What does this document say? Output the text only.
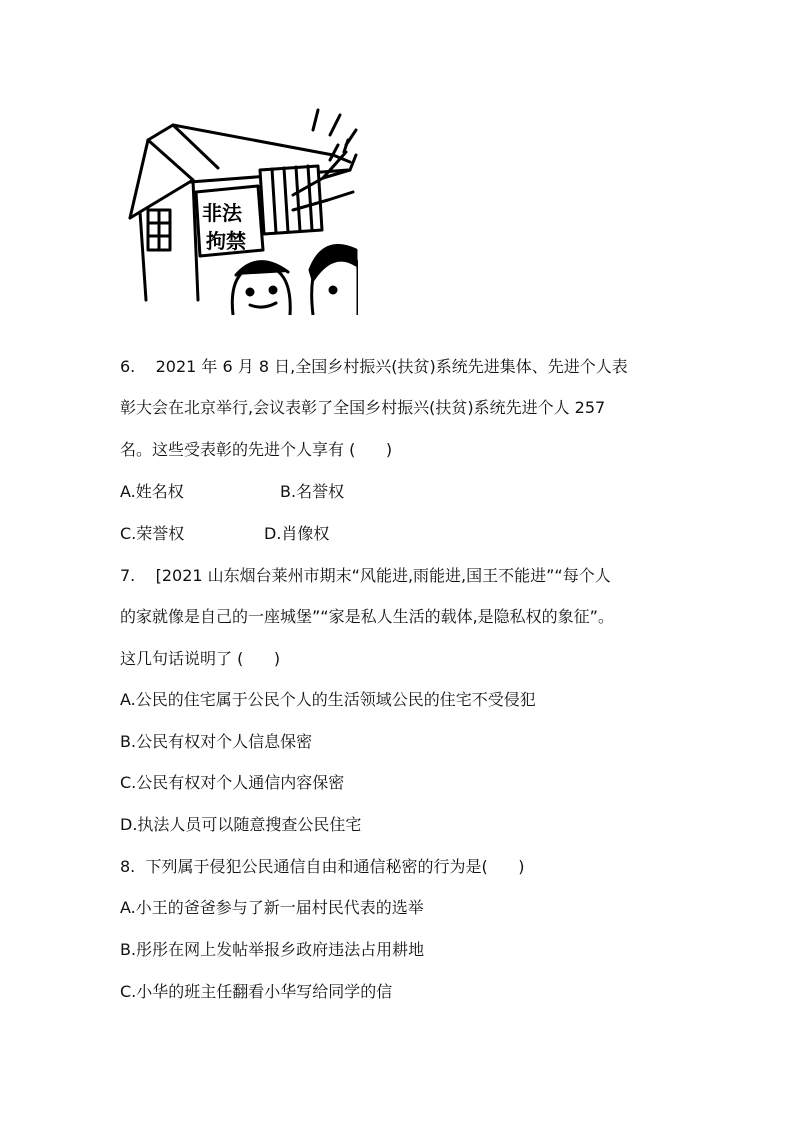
非法
拘禁
6.    2021 年 6 月 8 日,全国乡村振兴(扶贫)系统先进集体、先进个人表
彰大会在北京举行,会议表彰了全国乡村振兴(扶贫)系统先进个人 257
名。这些受表彰的先进个人享有 (      )
A.姓名权	B.名誉权
C.荣誉权	D.肖像权
7.    [2021 山东烟台莱州市期末“风能进,雨能进,国王不能进”“每个人
的家就像是自己的一座城堡”“家是私人生活的载体,是隐私权的象征”。
这几句话说明了 (      )
A.公民的住宅属于公民个人的生活领域公民的住宅不受侵犯
B.公民有权对个人信息保密
C.公民有权对个人通信内容保密
D.执法人员可以随意搜查公民住宅
8.  下列属于侵犯公民通信自由和通信秘密的行为是(      )
A.小王的爸爸参与了新一届村民代表的选举
B.彤彤在网上发帖举报乡政府违法占用耕地
C.小华的班主任翻看小华写给同学的信
